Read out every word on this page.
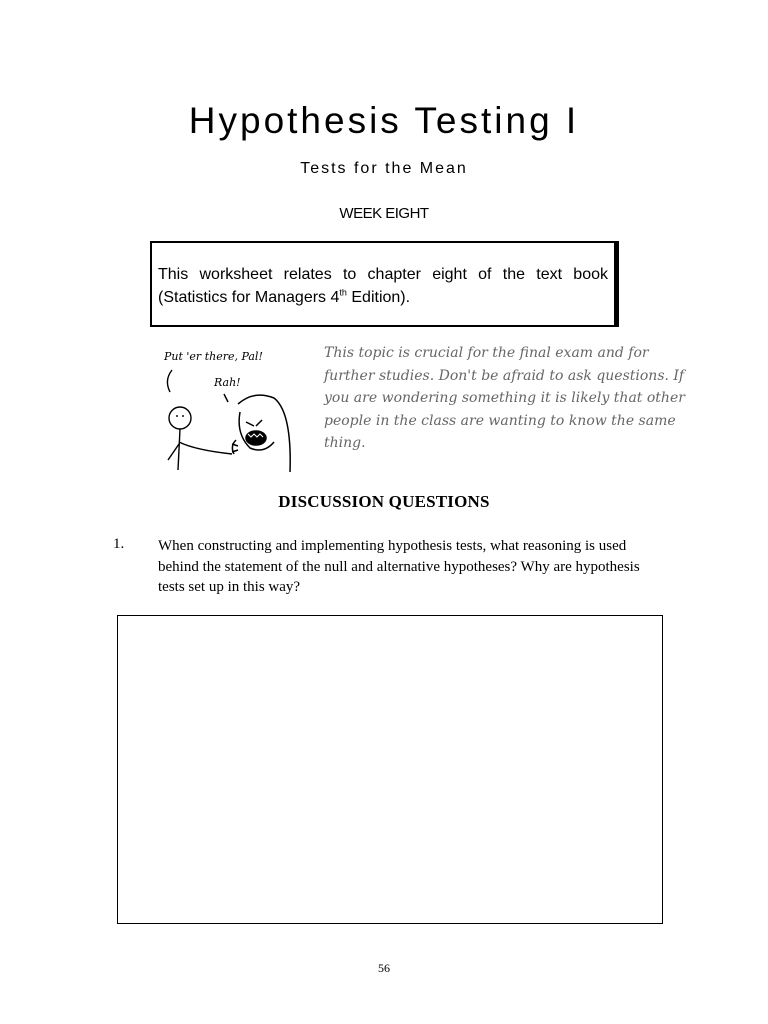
Hypothesis Testing I
Tests for the Mean
WEEK EIGHT
This worksheet relates to chapter eight of the text book (Statistics for Managers 4th Edition).
Put 'er there, Pal!
Rah!
This topic is crucial for the final exam and for further studies. Don't be afraid to ask questions. If you are wondering something it is likely that other people in the class are wanting to know the same thing.
DISCUSSION QUESTIONS
1. When constructing and implementing hypothesis tests, what reasoning is used behind the statement of the null and alternative hypotheses? Why are hypothesis tests set up in this way?
56
